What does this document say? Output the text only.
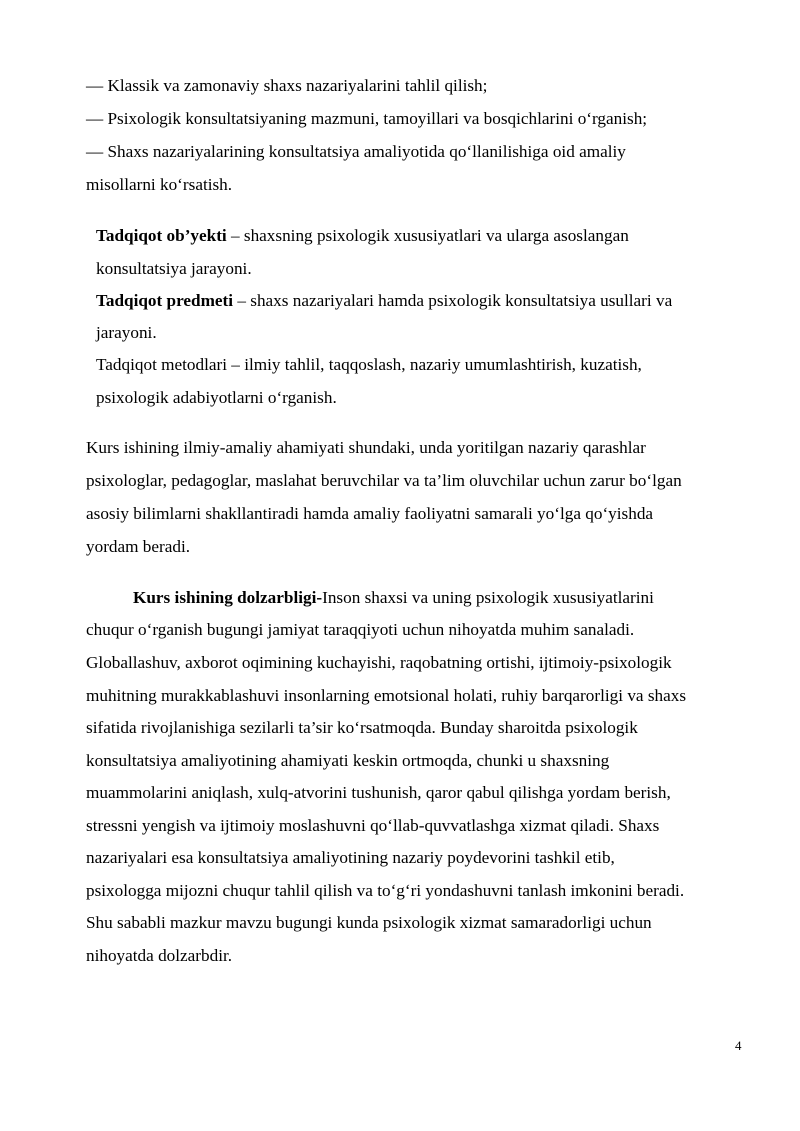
— Klassik va zamonaviy shaxs nazariyalarini tahlil qilish;

— Psixologik konsultatsiyaning mazmuni, tamoyillari va bosqichlarini o‘rganish;

— Shaxs nazariyalarining konsultatsiya amaliyotida qo‘llanilishiga oid amaliy

misollarni ko‘rsatish.

Tadqiqot ob’yekti – shaxsning psixologik xususiyatlari va ularga asoslangan

konsultatsiya jarayoni.

Tadqiqot predmeti – shaxs nazariyalari hamda psixologik konsultatsiya usullari va

jarayoni.

Tadqiqot metodlari – ilmiy tahlil, taqqoslash, nazariy umumlashtirish, kuzatish,

psixologik adabiyotlarni o‘rganish.

Kurs ishining ilmiy-amaliy ahamiyati shundaki, unda yoritilgan nazariy qarashlar

psixologlar, pedagoglar, maslahat beruvchilar va ta’lim oluvchilar uchun zarur bo‘lgan

asosiy bilimlarni shakllantiradi hamda amaliy faoliyatni samarali yo‘lga qo‘yishda

yordam beradi.

Kurs ishining dolzarbligi-Inson shaxsi va uning psixologik xususiyatlarini

chuqur o‘rganish bugungi jamiyat taraqqiyoti uchun nihoyatda muhim sanaladi.

Globallashuv, axborot oqimining kuchayishi, raqobatning ortishi, ijtimoiy-psixologik

muhitning murakkablashuvi insonlarning emotsional holati, ruhiy barqarorligi va shaxs

sifatida rivojlanishiga sezilarli ta’sir ko‘rsatmoqda. Bunday sharoitda psixologik

konsultatsiya amaliyotining ahamiyati keskin ortmoqda, chunki u shaxsning

muammolarini aniqlash, xulq-atvorini tushunish, qaror qabul qilishga yordam berish,

stressni yengish va ijtimoiy moslashuvni qo‘llab-quvvatlashga xizmat qiladi. Shaxs

nazariyalari esa konsultatsiya amaliyotining nazariy poydevorini tashkil etib,

psixologga mijozni chuqur tahlil qilish va to‘g‘ri yondashuvni tanlash imkonini beradi.

Shu sababli mazkur mavzu bugungi kunda psixologik xizmat samaradorligi uchun

nihoyatda dolzarbdir.

4
